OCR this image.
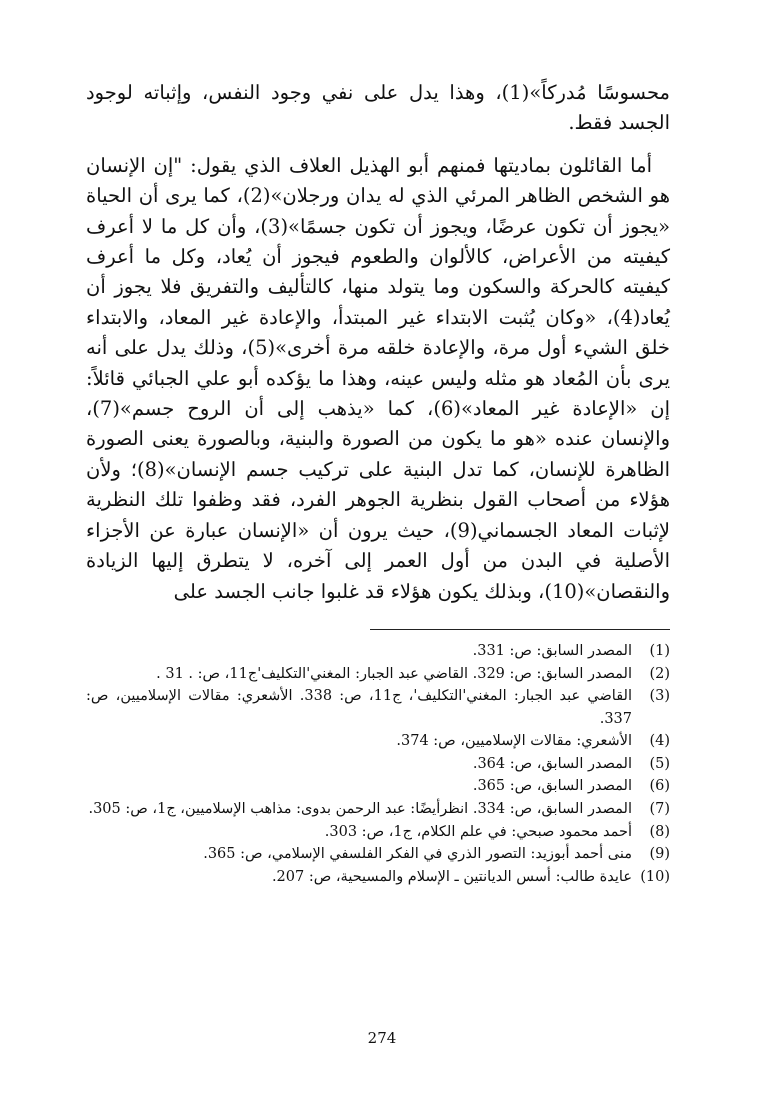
محسوسًا مُدركاً»(1)، وهذا يدل على نفي وجود النفس، وإثباته لوجود الجسد فقط.

أما القائلون بماديتها فمنهم أبو الهذيل العلاف الذي يقول: "إن الإنسان هو الشخص الظاهر المرئي الذي له يدان ورجلان»(2)، كما يرى أن الحياة «يجوز أن تكون عرضًا، ويجوز أن تكون جسمًا»(3)، وأن كل ما لا أعرف كيفيته من الأعراض، كالألوان والطعوم فيجوز أن يُعاد، وكل ما أعرف كيفيته كالحركة والسكون وما يتولد منها، كالتأليف والتفريق فلا يجوز أن يُعاد(4)، «وكان يُثبت الابتداء غير المبتدأ، والإعادة غير المعاد، والابتداء خلق الشيء أول مرة، والإعادة خلقه مرة أخرى»(5)، وذلك يدل على أنه يرى بأن المُعاد هو مثله وليس عينه، وهذا ما يؤكده أبو علي الجبائي قائلاً: إن «الإعادة غير المعاد»(6)، كما «يذهب إلى أن الروح جسم»(7)، والإنسان عنده «هو ما يكون من الصورة والبنية، وبالصورة يعنى الصورة الظاهرة للإنسان، كما تدل البنية على تركيب جسم الإنسان»(8)؛ ولأن هؤلاء من أصحاب القول بنظرية الجوهر الفرد، فقد وظفوا تلك النظرية لإثبات المعاد الجسماني(9)، حيث يرون أن «الإنسان عبارة عن الأجزاء الأصلية في البدن من أول العمر إلى آخره، لا يتطرق إليها الزيادة والنقصان»(10)، وبذلك يكون هؤلاء قد غلبوا جانب الجسد على

(1)
المصدر السابق: ص: 331.
(2)
المصدر السابق: ص: 329. القاضي عبد الجبار: المغني'التكليف'ج11، ص: . 31 .
(3)
القاضي عبد الجبار: المغني'التكليف'، ج11، ص: 338. الأشعري: مقالات الإسلاميين، ص: 337.
(4)
الأشعري: مقالات الإسلاميين، ص: 374.
(5)
المصدر السابق، ص: 364.
(6)
المصدر السابق، ص: 365.
(7)
المصدر السابق، ص: 334. انظرأيضًا: عبد الرحمن بدوى: مذاهب الإسلاميين، ج1، ص: 305.
(8)
أحمد محمود صبحي: في علم الكلام، ج1، ص: 303.
(9)
منى أحمد أبوزيد: التصور الذري في الفكر الفلسفي الإسلامي، ص: 365.
(10)
عايدة طالب: أسس الديانتين ـ الإسلام والمسيحية، ص: 207.
274
